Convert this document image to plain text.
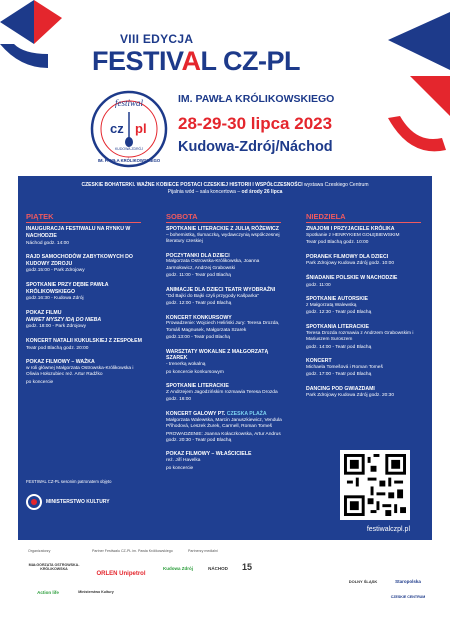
VIII EDYCJA
FESTIVAL CZ-PL
IM. PAWŁA KRÓLIKOWSKIEGO
28-29-30 lipca 2023
Kudowa-Zdrój/Náchod
festiwal
cz pl
KUDOWA ZDRÓJ
IM. PAWŁA KRÓLIKOWSKIEGO
CZESKIE BOHATERKI. WAŻNE KOBIECE POSTACI CZESKIEJ HISTORII I WSPÓŁCZESNOŚCI wystawa Czeskiego Centrum
Pijalnia wód – sala koncertowa – od środy 26 lipca
PIĄTEK
INAUGURACJA FESTIWALU NA RYNKU W NACHODZIE
Náchod godz. 14:00
RAJD SAMOCHODÓW ZABYTKOWYCH DO KUDOWY ZDROJU
godz.15:00 - Park Zdrojowy
SPOTKANIE PRZY DĘBIE PAWŁA KRÓLIKOWSKIEGO
godz.16:30 - Kudowa Zdrój
POKAZ FILMU
NAWET MYSZY IDĄ DO NIEBA
godz. 18:00 - Park Zdrojowy
KONCERT NATALII KUKULSKIEJ Z ZESPOŁEM
Teatr pod Blachą godz. 20:00
POKAZ FILMOWY – WAŻKA
w roli głównej Małgorzata Ostrowska-Królikowska i Oliwia Hołozubiec reż. Artur Radźko
po koncercie
SOBOTA
SPOTKANIE LITERACKIE Z JULIĄ RÓŻEWICZ
– bohemistką, tłumaczką, wydawczynią współczesnej literatury czeskiej
POCZYTANKI DLA DZIECI
Małgorzata Ostrowska-Królikowska, Joanna Jarmołowicz, Andrzej Grabowski
godz. 11:00 - Teatr pod Blachą
ANIMACJE DLA DZIECI TEATR WYOBRAŹNI
"Od Bajki do Bajki czyli przygody Kašparka"
godz. 12:00 - Teatr pod Blachą
KONCERT KONKURSOWY
Prowadzenie: Wojciech Heliński Jury: Teresa Drozda, Tomáš Magnusek, Małgorzata Szarek
godz.13:00 - Teatr pod Blachą
WARSZTATY WOKALNE Z MAŁGORZATĄ SZAREK
- trenerką wokalną
po koncercie konkursowym
SPOTKANIE LITERACKIE
Z Andrzejem Jagodzińskim rozmawia Teresa Drozda
godz. 16:00
KONCERT GALOWY PT. CZESKA PLAŻA
Małgorzata Walewska, Marcin Januszkiewicz, Vendula Příhodová, Leszek Żurek, Carmell, Roman Tomeš
PROWADZENIE: Joanna Kołaczkowska, Artur Andrus godz. 20:30 - Teatr pod Blachą
POKAZ FILMOWY – WŁAŚCICIELE
reż. Jiří Havelka
po koncercie
NIEDZIELA
ZNAJOMI I PRZYJACIELE KRÓLIKA
Spotkanie z HENRYKIEM GOŁĘBIEWSKIM
Teatr pod Blachą godz. 10:00
PORANEK FILMOWY DLA DZIECI
Park Zdrojowy Kudowa Zdrój godz. 10:00
ŚNIADANIE POLSKIE W NACHODZIE
godz. 11:00
SPOTKANIE AUTORSKIE
z Małgorzatą Walewską
godz. 12:30 - Teatr pod Blachą
SPOTKANIA LITERACKIE
Teresa Drozda rozmawia z Andrzem Grabowskim i Mariuszem Suroszem
godz. 14:00 - Teatr pod Blachą
KONCERT
Michaela Tomešová i Roman Tomeš
godz. 17:00 - Teatr pod Blachą
DANCING POD GWIAZDAMI
Park Zdrojowy Kudowa Zdrój godz. 20:30
FESTIWAL CZ-PL sesonim patronatem objęto
MINISTERSTWO KULTURY
festiwalczpl.pl
Organizatorzy	Partner Festiwalu CZ-PL im. Pawła Królikowskiego	Partnerzy medialni
MAŁGORZATA OSTROWSKA-KRÓLIKOWSKA
ORLEN Unipetrol
Kudowa Zdrój	NÁCHOD	15
DOLNY ŚLĄSK	Staropolska
Action life	Ministerstwo Kultury
CZESKIE CENTRUM
